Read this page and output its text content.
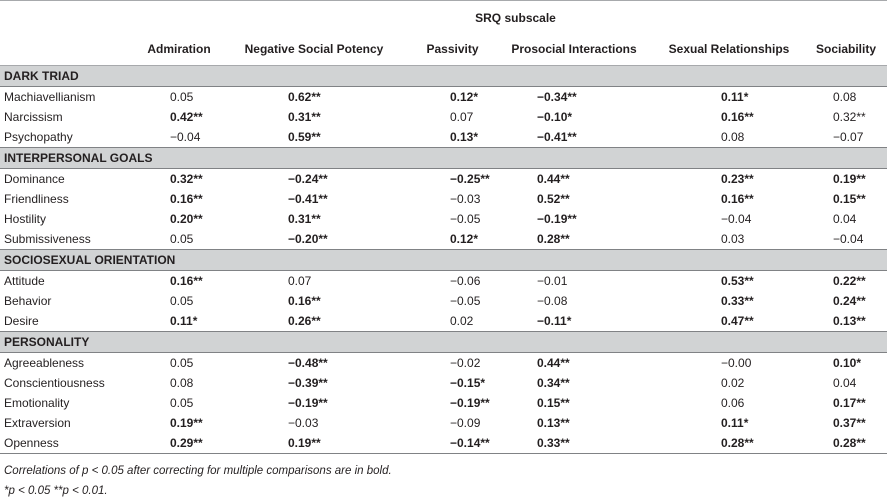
	SRQ subscale					
	Admiration	Negative Social Potency	Passivity	Prosocial Interactions	Sexual Relationships	Sociability
DARK TRIAD						
Machiavellianism	0.05	0.62**	0.12*	−0.34**	0.11*	0.08
Narcissism	0.42**	0.31**	0.07	−0.10*	0.16**	0.32**
Psychopathy	−0.04	0.59**	0.13*	−0.41**	0.08	−0.07
INTERPERSONAL GOALS						
Dominance	0.32**	−0.24**	−0.25**	0.44**	0.23**	0.19**
Friendliness	0.16**	−0.41**	−0.03	0.52**	0.16**	0.15**
Hostility	0.20**	0.31**	−0.05	−0.19**	−0.04	0.04
Submissiveness	0.05	−0.20**	0.12*	0.28**	0.03	−0.04
SOCIOSEXUAL ORIENTATION						
Attitude	0.16**	0.07	−0.06	−0.01	0.53**	0.22**
Behavior	0.05	0.16**	−0.05	−0.08	0.33**	0.24**
Desire	0.11*	0.26**	0.02	−0.11*	0.47**	0.13**
PERSONALITY						
Agreeableness	0.05	−0.48**	−0.02	0.44**	−0.00	0.10*
Conscientiousness	0.08	−0.39**	−0.15*	0.34**	0.02	0.04
Emotionality	0.05	−0.19**	−0.19**	0.15**	0.06	0.17**
Extraversion	0.19**	−0.03	−0.09	0.13**	0.11*	0.37**
Openness	0.29**	0.19**	−0.14**	0.33**	0.28**	0.28**
Correlations of p < 0.05 after correcting for multiple comparisons are in bold.
*p < 0.05 **p < 0.01.
